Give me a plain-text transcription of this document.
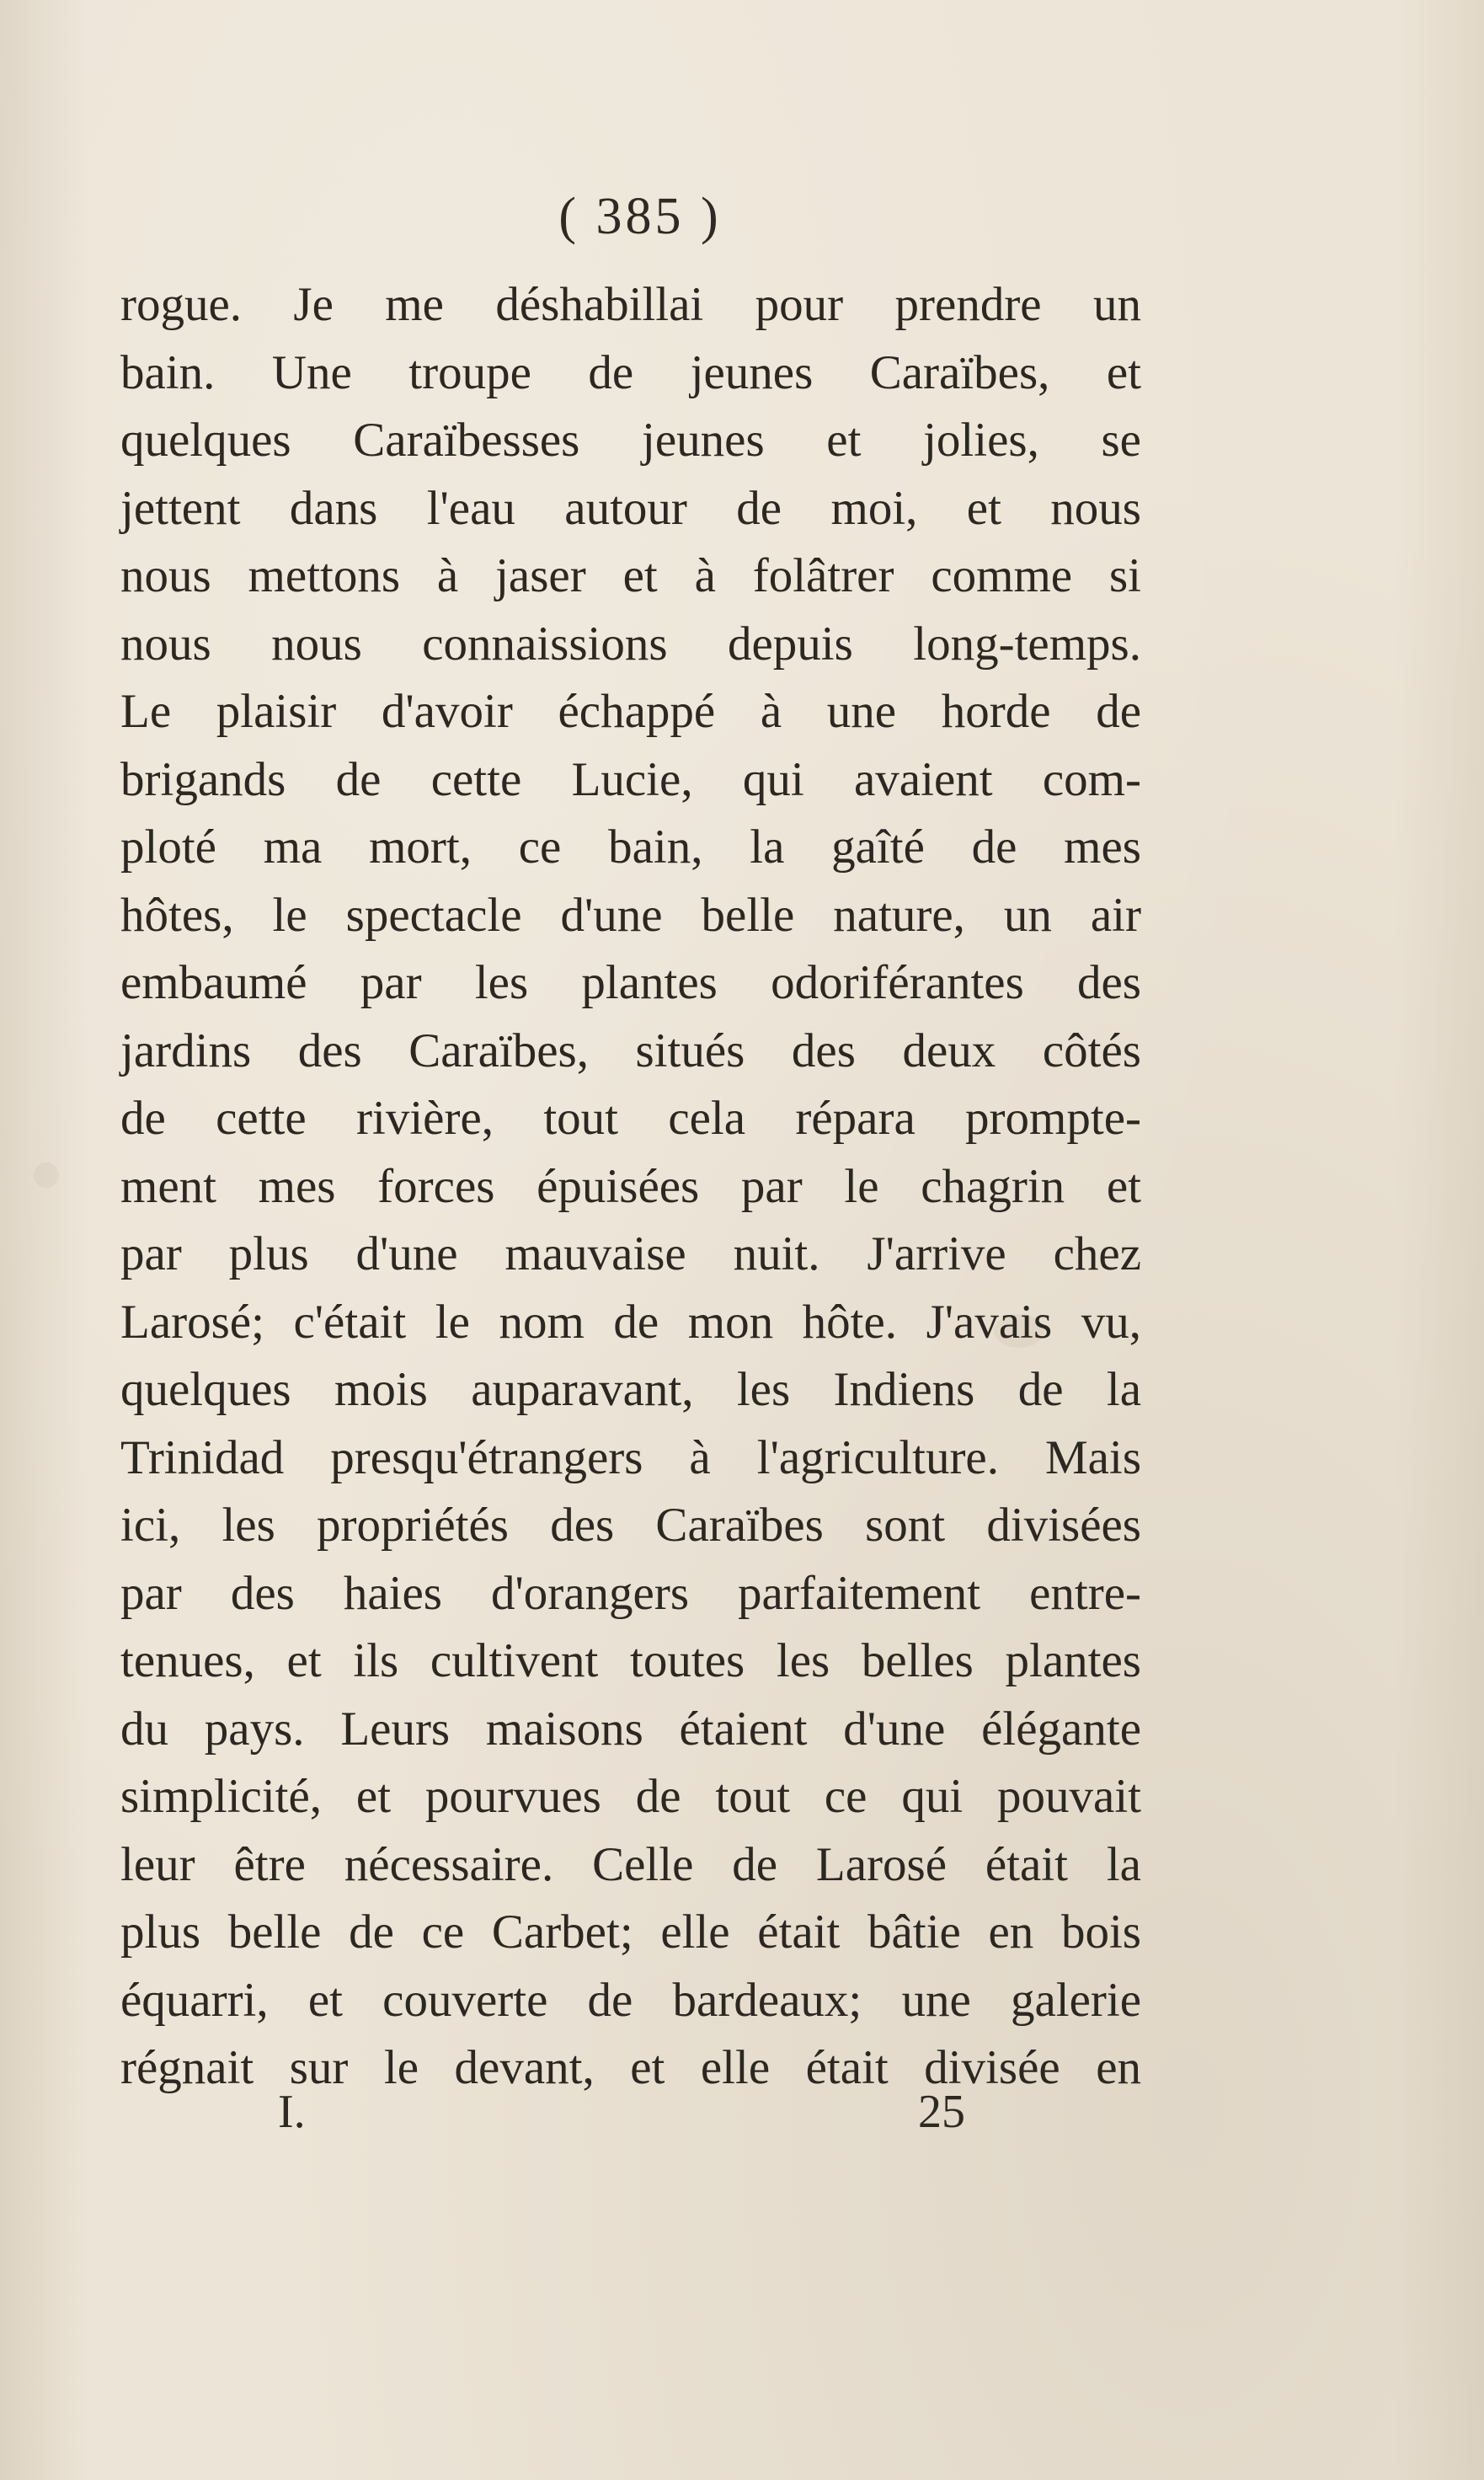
( 385 )
rogue. Je me déshabillai pour prendre un
bain. Une troupe de jeunes Caraïbes, et
quelques Caraïbesses jeunes et jolies, se
jettent dans l'eau autour de moi, et nous
nous mettons à jaser et à folâtrer comme si
nous nous connaissions depuis long-temps.
Le plaisir d'avoir échappé à une horde de
brigands de cette Lucie, qui avaient com-
ploté ma mort, ce bain, la gaîté de mes
hôtes, le spectacle d'une belle nature, un air
embaumé par les plantes odoriférantes des
jardins des Caraïbes, situés des deux côtés
de cette rivière, tout cela répara prompte-
ment mes forces épuisées par le chagrin et
par plus d'une mauvaise nuit. J'arrive chez
Larosé; c'était le nom de mon hôte. J'avais vu,
quelques mois auparavant, les Indiens de la
Trinidad presqu'étrangers à l'agriculture. Mais
ici, les propriétés des Caraïbes sont divisées
par des haies d'orangers parfaitement entre-
tenues, et ils cultivent toutes les belles plantes
du pays. Leurs maisons étaient d'une élégante
simplicité, et pourvues de tout ce qui pouvait
leur être nécessaire. Celle de Larosé était la
plus belle de ce Carbet; elle était bâtie en bois
équarri, et couverte de bardeaux; une galerie
régnait sur le devant, et elle était divisée en
I.	25
